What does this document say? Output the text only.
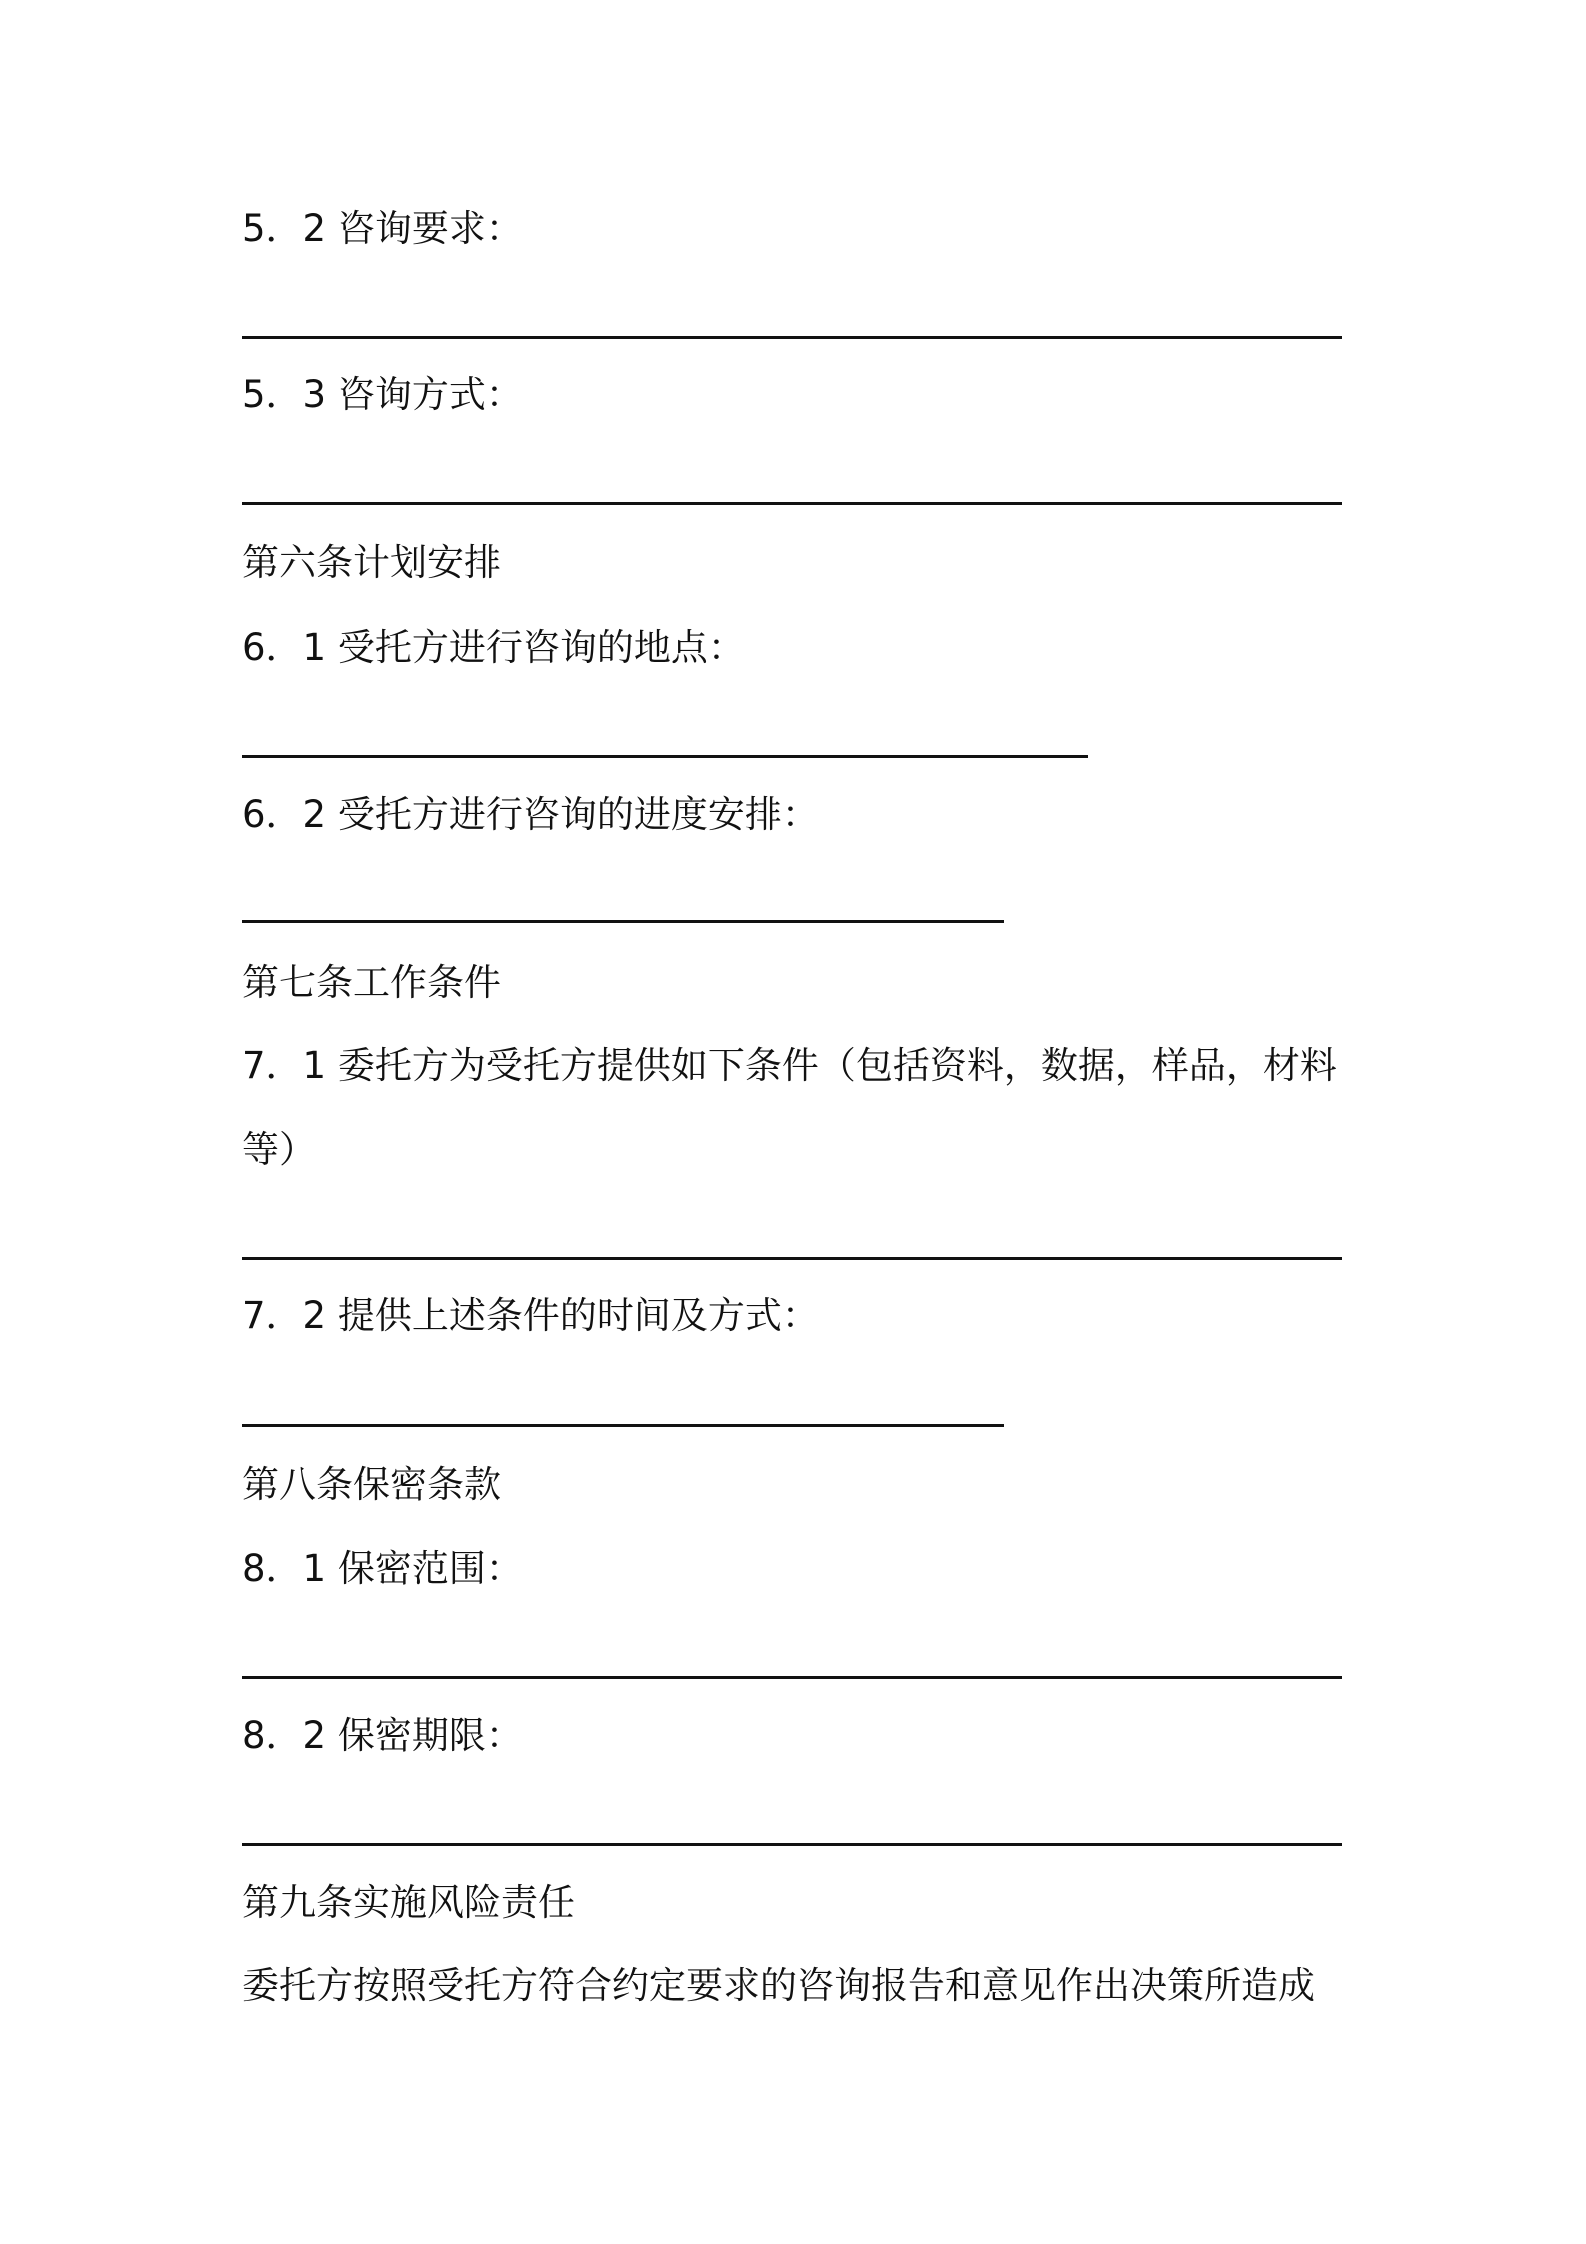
5．2 咨询要求：
5．3 咨询方式：
第六条计划安排
6．1 受托方进行咨询的地点：
6．2 受托方进行咨询的进度安排：
第七条工作条件
7．1 委托方为受托方提供如下条件（包括资料，数据，样品，材料
等）
7．2 提供上述条件的时间及方式：
第八条保密条款
8．1 保密范围：
8．2 保密期限：
第九条实施风险责任
委托方按照受托方符合约定要求的咨询报告和意见作出决策所造成
